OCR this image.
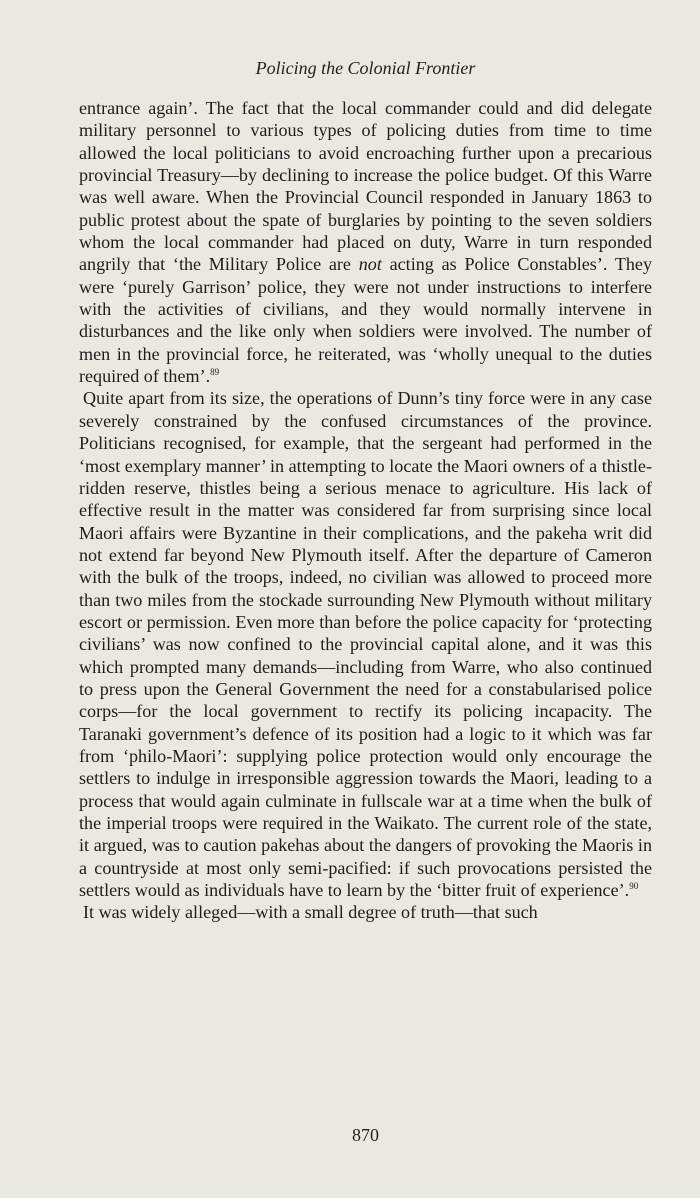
Policing the Colonial Frontier

entrance again’. The fact that the local commander could and did delegate military personnel to various types of policing duties from time to time allowed the local politicians to avoid encroaching further upon a precarious provincial Treasury—by declining to increase the police budget. Of this Warre was well aware. When the Provincial Council responded in January 1863 to public protest about the spate of burglaries by pointing to the seven soldiers whom the local commander had placed on duty, Warre in turn responded angrily that ‘the Military Police are not acting as Police Constables’. They were ‘purely Garrison’ police, they were not under instructions to interfere with the activities of civilians, and they would normally intervene in disturbances and the like only when soldiers were involved. The number of men in the provincial force, he reiterated, was ‘wholly unequal to the duties required of them’.$^{89}$

Quite apart from its size, the operations of Dunn’s tiny force were in any case severely constrained by the confused circumstances of the province. Politicians recognised, for example, that the sergeant had performed in the ‘most exemplary manner’ in attempting to locate the Maori owners of a thistle-ridden reserve, thistles being a serious menace to agriculture. His lack of effective result in the matter was considered far from surprising since local Maori affairs were Byzantine in their complications, and the pakeha writ did not extend far beyond New Plymouth itself. After the departure of Cameron with the bulk of the troops, indeed, no civilian was allowed to proceed more than two miles from the stockade surrounding New Plymouth without military escort or permission. Even more than before the police capacity for ‘protecting civilians’ was now confined to the provincial capital alone, and it was this which prompted many demands—including from Warre, who also continued to press upon the General Government the need for a constabularised police corps—for the local government to rectify its policing incapacity. The Taranaki government’s defence of its position had a logic to it which was far from ‘philo-Maori’: supplying police protection would only encourage the settlers to indulge in irresponsible aggression towards the Maori, leading to a process that would again culminate in fullscale war at a time when the bulk of the imperial troops were required in the Waikato. The current role of the state, it argued, was to caution pakehas about the dangers of provoking the Maoris in a countryside at most only semi-pacified: if such provocations persisted the settlers would as individuals have to learn by the ‘bitter fruit of experience’.$^{90}$

It was widely alleged—with a small degree of truth—that such

870
